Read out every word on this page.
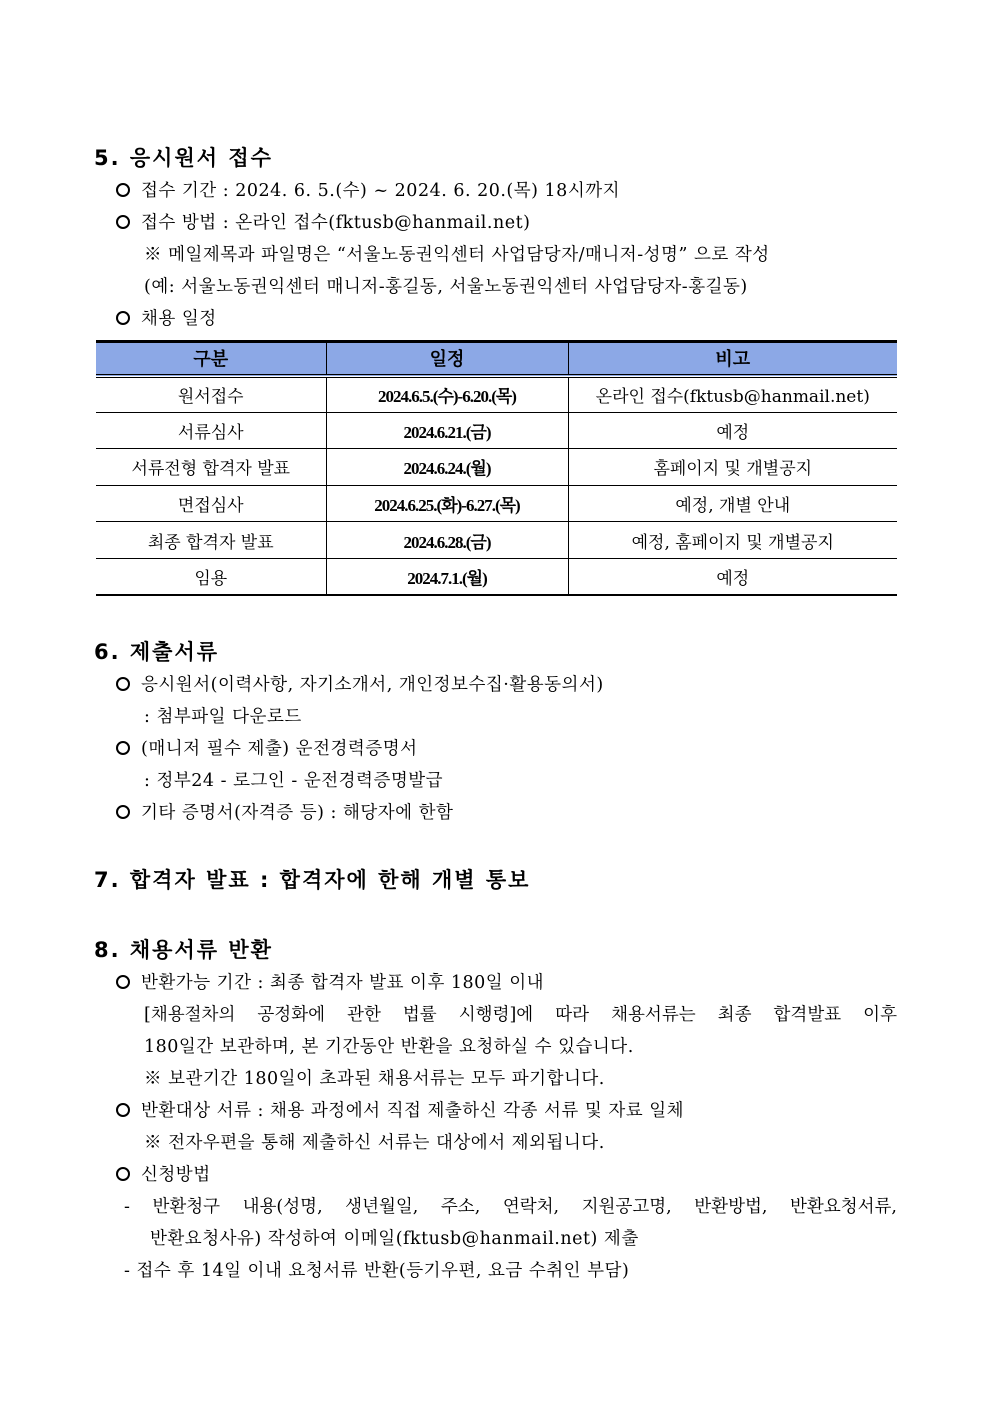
5. 응시원서 접수
접수 기간 : 2024. 6. 5.(수) ~ 2024. 6. 20.(목) 18시까지
접수 방법 : 온라인 접수(fktusb@hanmail.net)
※ 메일제목과 파일명은 “서울노동권익센터 사업담당자/매니저-성명” 으로 작성
(예: 서울노동권익센터 매니저-홍길동, 서울노동권익센터 사업담당자-홍길동)
채용 일정
구분	일정	비고
원서접수	2024.6.5.(수)-6.20.(목)	온라인 접수(fktusb@hanmail.net)
서류심사	2024.6.21.(금)	예정
서류전형 합격자 발표	2024.6.24.(월)	홈페이지 및 개별공지
면접심사	2024.6.25.(화)-6.27.(목)	예정, 개별 안내
최종 합격자 발표	2024.6.28.(금)	예정, 홈페이지 및 개별공지
임용	2024.7.1.(월)	예정
6. 제출서류
응시원서(이력사항, 자기소개서, 개인정보수집·활용동의서)
: 첨부파일 다운로드
(매니저 필수 제출) 운전경력증명서
: 정부24 - 로그인 - 운전경력증명발급
기타 증명서(자격증 등) : 해당자에 한함
7. 합격자 발표 : 합격자에 한해 개별 통보
8. 채용서류 반환
반환가능 기간 : 최종 합격자 발표 이후 180일 이내
[채용절차의 공정화에 관한 법률 시행령]에 따라 채용서류는 최종 합격발표 이후
180일간 보관하며, 본 기간동안 반환을 요청하실 수 있습니다.
※ 보관기간 180일이 초과된 채용서류는 모두 파기합니다.
반환대상 서류 : 채용 과정에서 직접 제출하신 각종 서류 및 자료 일체
※ 전자우편을 통해 제출하신 서류는 대상에서 제외됩니다.
신청방법
- 반환청구 내용(성명, 생년월일, 주소, 연락처, 지원공고명, 반환방법, 반환요청서류,
반환요청사유) 작성하여 이메일(fktusb@hanmail.net) 제출
- 접수 후 14일 이내 요청서류 반환(등기우편, 요금 수취인 부담)
